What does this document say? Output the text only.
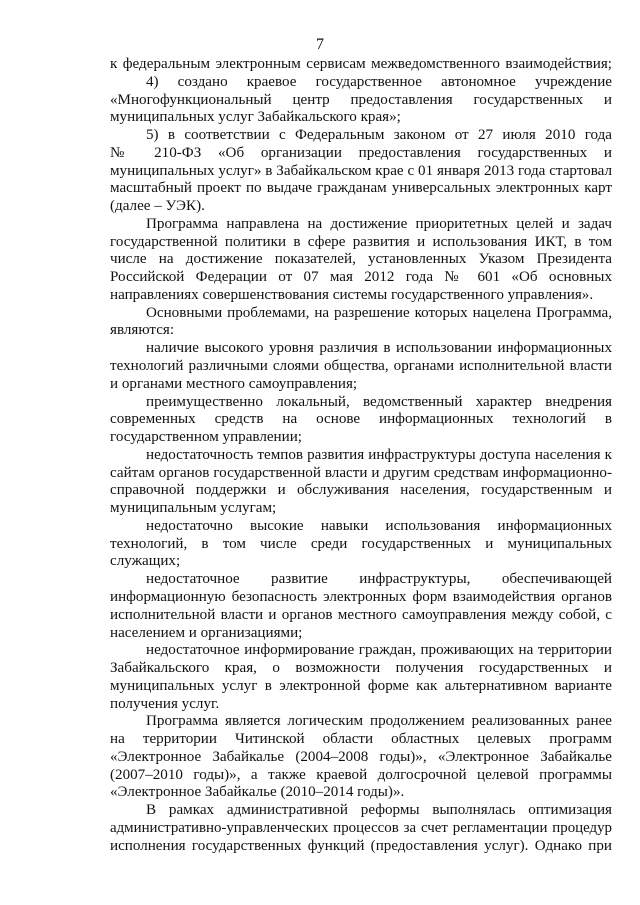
7
к федеральным электронным сервисам межведомственного взаимодействия;
4) создано краевое государственное автономное учреждение
«Многофункциональный центр предоставления государственных и
муниципальных услуг Забайкальского края»;
5) в соответствии с Федеральным законом от 27 июля 2010 года
№ 210-ФЗ «Об организации предоставления государственных и
муниципальных услуг» в Забайкальском крае с 01 января 2013 года стартовал
масштабный проект по выдаче гражданам универсальных электронных карт
(далее – УЭК).
Программа направлена на достижение приоритетных целей и задач
государственной политики в сфере развития и использования ИКТ, в том
числе на достижение показателей, установленных Указом Президента
Российской Федерации от 07 мая 2012 года № 601 «Об основных
направлениях совершенствования системы государственного управления».
Основными проблемами, на разрешение которых нацелена Программа,
являются:
наличие высокого уровня различия в использовании информационных
технологий различными слоями общества, органами исполнительной власти
и органами местного самоуправления;
преимущественно локальный, ведомственный характер внедрения
современных средств на основе информационных технологий в
государственном управлении;
недостаточность темпов развития инфраструктуры доступа населения к
сайтам органов государственной власти и другим средствам информационно-
справочной поддержки и обслуживания населения, государственным и
муниципальным услугам;
недостаточно высокие навыки использования информационных
технологий, в том числе среди государственных и муниципальных
служащих;
недостаточное развитие инфраструктуры, обеспечивающей
информационную безопасность электронных форм взаимодействия органов
исполнительной власти и органов местного самоуправления между собой, с
населением и организациями;
недостаточное информирование граждан, проживающих на территории
Забайкальского края, о возможности получения государственных и
муниципальных услуг в электронной форме как альтернативном варианте
получения услуг.
Программа является логическим продолжением реализованных ранее
на территории Читинской области областных целевых программ
«Электронное Забайкалье (2004–2008 годы)», «Электронное Забайкалье
(2007–2010 годы)», а также краевой долгосрочной целевой программы
«Электронное Забайкалье (2010–2014 годы)».
В рамках административной реформы выполнялась оптимизация
административно-управленческих процессов за счет регламентации процедур
исполнения государственных функций (предоставления услуг). Однако при
